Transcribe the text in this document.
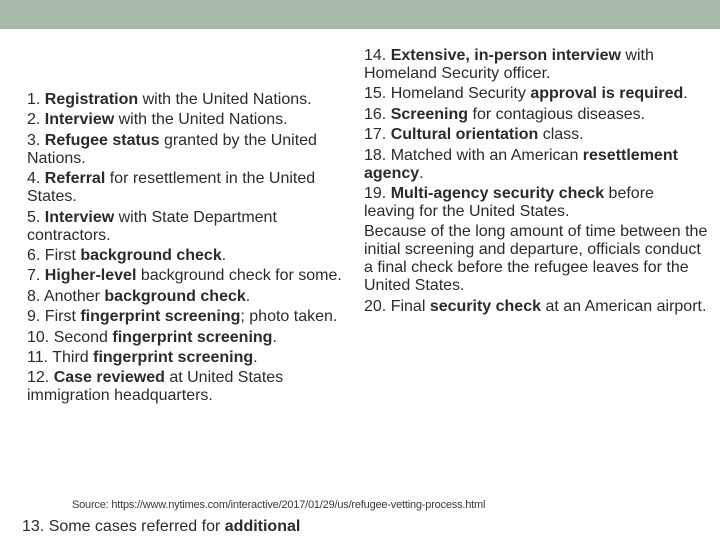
1. Registration with the United Nations.
2. Interview with the United Nations.
3. Refugee status granted by the United Nations.
4. Referral for resettlement in the United States.
5. Interview with State Department contractors.
6. First background check.
7. Higher-level background check for some.
8. Another background check.
9. First fingerprint screening; photo taken.
10. Second fingerprint screening.
11. Third fingerprint screening.
12. Case reviewed at United States immigration headquarters.
14. Extensive, in-person interview with Homeland Security officer.
15. Homeland Security approval is required.
16. Screening for contagious diseases.
17. Cultural orientation class.
18. Matched with an American resettlement agency.
19. Multi-agency security check before leaving for the United States.
Because of the long amount of time between the initial screening and departure, officials conduct a final check before the refugee leaves for the United States.
20. Final security check at an American airport.
Source: https://www.nytimes.com/interactive/2017/01/29/us/refugee-vetting-process.html
13. Some cases referred for additional
